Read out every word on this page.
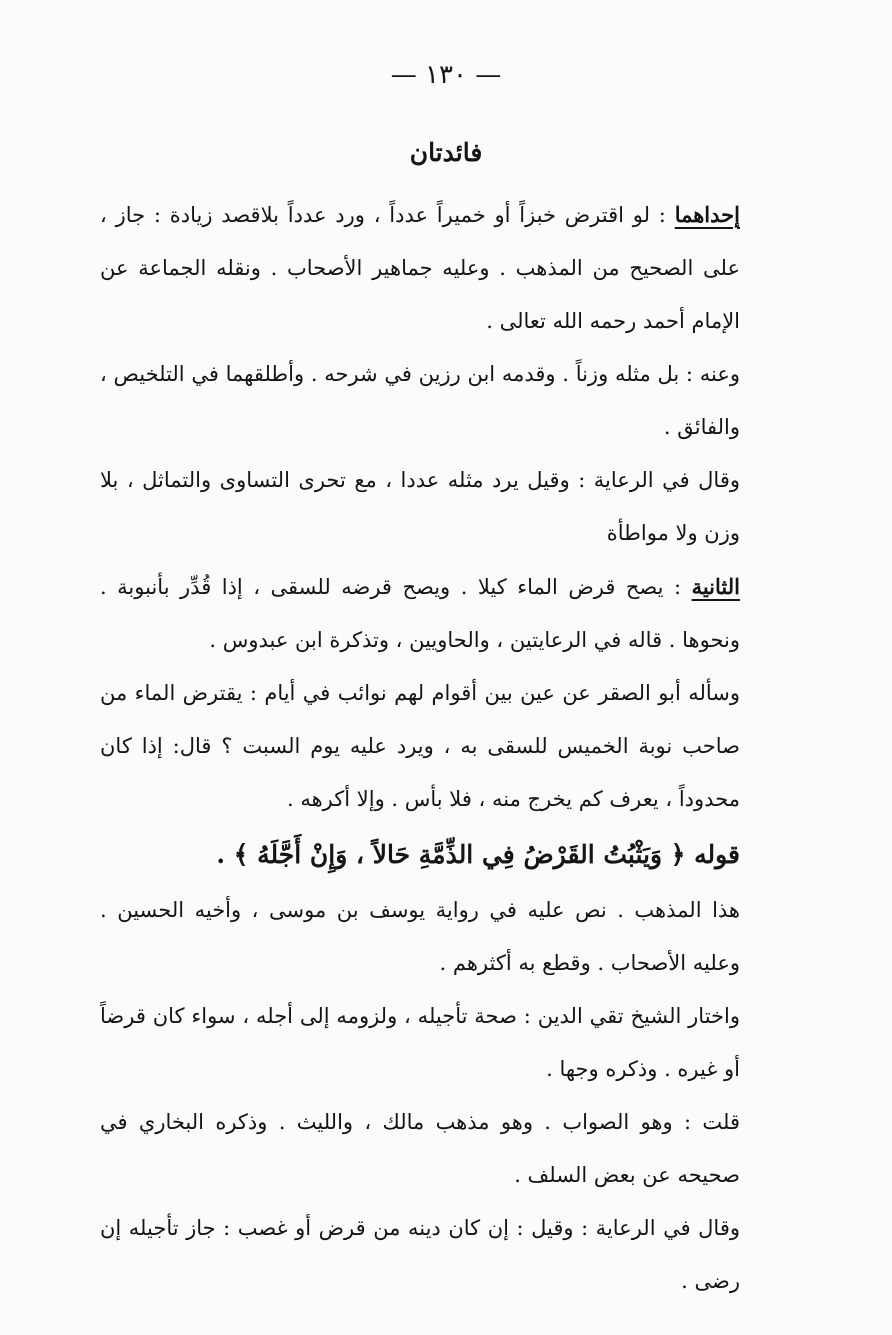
— ١٣٠ —
فائدتان

إحداهما : لو اقترض خبزاً أو خميراً عدداً ، ورد عدداً بلاقصد زيادة : جاز ، على الصحيح من المذهب . وعليه جماهير الأصحاب . ونقله الجماعة عن الإمام أحمد رحمه الله تعالى .

وعنه : بل مثله وزناً . وقدمه ابن رزين في شرحه . وأطلقهما في التلخيص ، والفائق .

وقال في الرعاية : وقيل يرد مثله عددا ، مع تحرى التساوى والتماثل ، بلا وزن ولا مواطأة

الثانية : يصح قرض الماء كيلا . ويصح قرضه للسقى ، إذا قُدِّر بأنبوبة . ونحوها . قاله في الرعايتين ، والحاويين ، وتذكرة ابن عبدوس .

وسأله أبو الصقر عن عين بين أقوام لهم نوائب في أيام : يقترض الماء من صاحب نوبة الخميس للسقى به ، ويرد عليه يوم السبت ؟ قال: إذا كان محدوداً ، يعرف كم يخرج منه ، فلا بأس . وإلا أكرهه .

قوله ﴿ وَيَثْبُتُ القَرْضُ فِي الذِّمَّةِ حَالاً ، وَإِنْ أَجَّلَهُ ﴾ .

هذا المذهب . نص عليه في رواية يوسف بن موسى ، وأخيه الحسين . وعليه الأصحاب . وقطع به أكثرهم .

واختار الشيخ تقي الدين : صحة تأجيله ، ولزومه إلى أجله ، سواء كان قرضاً أو غيره . وذكره وجها .

قلت : وهو الصواب . وهو مذهب مالك ، والليث . وذكره البخاري في صحيحه عن بعض السلف .

وقال في الرعاية : وقيل : إن كان دينه من قرض أو غصب : جاز تأجيله إن رضى .
